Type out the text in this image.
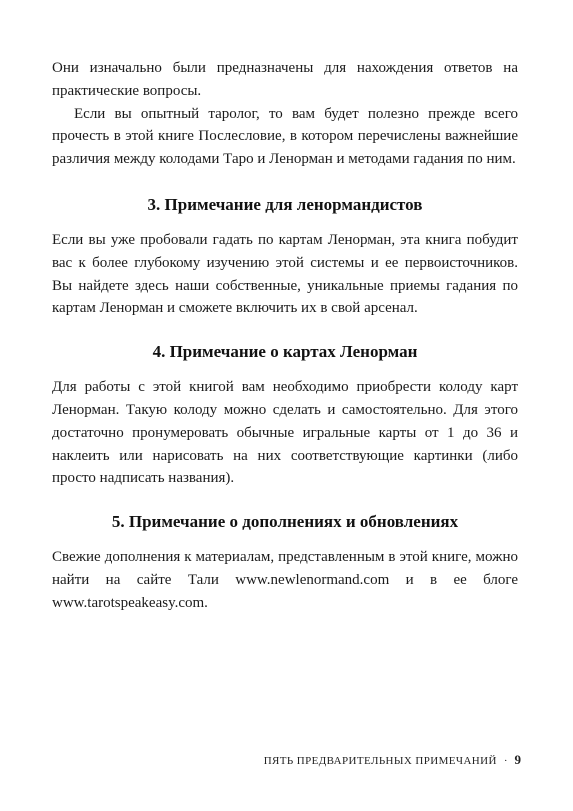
Они изначально были предназначены для нахождения ответов на практические вопросы.

Если вы опытный таролог, то вам будет полезно прежде всего прочесть в этой книге Послесловие, в котором перечислены важнейшие различия между колодами Таро и Ленорман и методами гадания по ним.

3. Примечание для ленормандистов

Если вы уже пробовали гадать по картам Ленорман, эта книга побудит вас к более глубокому изучению этой системы и ее первоисточников. Вы найдете здесь наши собственные, уникальные приемы гадания по картам Ленорман и сможете включить их в свой арсенал.

4. Примечание о картах Ленорман

Для работы с этой книгой вам необходимо приобрести колоду карт Ленорман. Такую колоду можно сделать и самостоятельно. Для этого достаточно пронумеровать обычные игральные карты от 1 до 36 и наклеить или нарисовать на них соответствующие картинки (либо просто надписать названия).

5. Примечание о дополнениях и обновлениях

Свежие дополнения к материалам, представленным в этой книге, можно найти на сайте Тали www.newlenormand.com и в ее блоге www.tarotspeakeasy.com.

ПЯТЬ ПРЕДВАРИТЕЛЬНЫХ ПРИМЕЧАНИЙ · 9
